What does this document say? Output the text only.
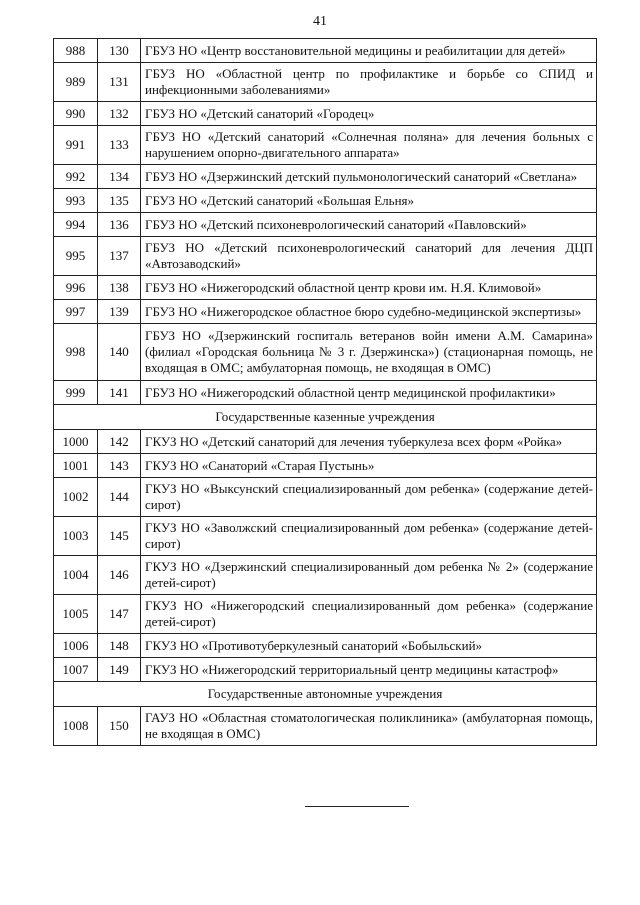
41
988	130	ГБУЗ НО «Центр восстановительной медицины и реабилитации для детей»
989	131	ГБУЗ НО «Областной центр по профилактике и борьбе со СПИД и инфекционными заболеваниями»
990	132	ГБУЗ НО «Детский санаторий «Городец»
991	133	ГБУЗ НО «Детский санаторий «Солнечная поляна» для лечения больных с нарушением опорно-двигательного аппарата»
992	134	ГБУЗ НО «Дзержинский детский пульмонологический санаторий «Светлана»
993	135	ГБУЗ НО «Детский санаторий «Большая Ельня»
994	136	ГБУЗ НО «Детский психоневрологический санаторий «Павловский»
995	137	ГБУЗ НО «Детский психоневрологический санаторий для лечения ДЦП «Автозаводский»
996	138	ГБУЗ НО «Нижегородский областной центр крови им. Н.Я. Климовой»
997	139	ГБУЗ НО «Нижегородское областное бюро судебно-медицинской экспертизы»
998	140	ГБУЗ НО «Дзержинский госпиталь ветеранов войн имени А.М. Самарина» (филиал «Городская больница № 3 г. Дзержинска») (стационарная помощь, не входящая в ОМС; амбулаторная помощь, не входящая в ОМС)
999	141	ГБУЗ НО «Нижегородский областной центр медицинской профилактики»
Государственные казенные учреждения		
1000	142	ГКУЗ НО «Детский санаторий для лечения туберкулеза всех форм «Ройка»
1001	143	ГКУЗ НО «Санаторий «Старая Пустынь»
1002	144	ГКУЗ НО «Выксунский специализированный дом ребенка» (содержание детей-сирот)
1003	145	ГКУЗ НО «Заволжский специализированный дом ребенка» (содержание детей-сирот)
1004	146	ГКУЗ НО «Дзержинский специализированный дом ребенка № 2» (содержание детей-сирот)
1005	147	ГКУЗ НО «Нижегородский специализированный дом ребенка» (содержание детей-сирот)
1006	148	ГКУЗ НО «Противотуберкулезный санаторий «Бобыльский»
1007	149	ГКУЗ НО «Нижегородский территориальный центр медицины катастроф»
Государственные автономные учреждения		
1008	150	ГАУЗ НО «Областная стоматологическая поликлиника» (амбулаторная помощь, не входящая в ОМС)
